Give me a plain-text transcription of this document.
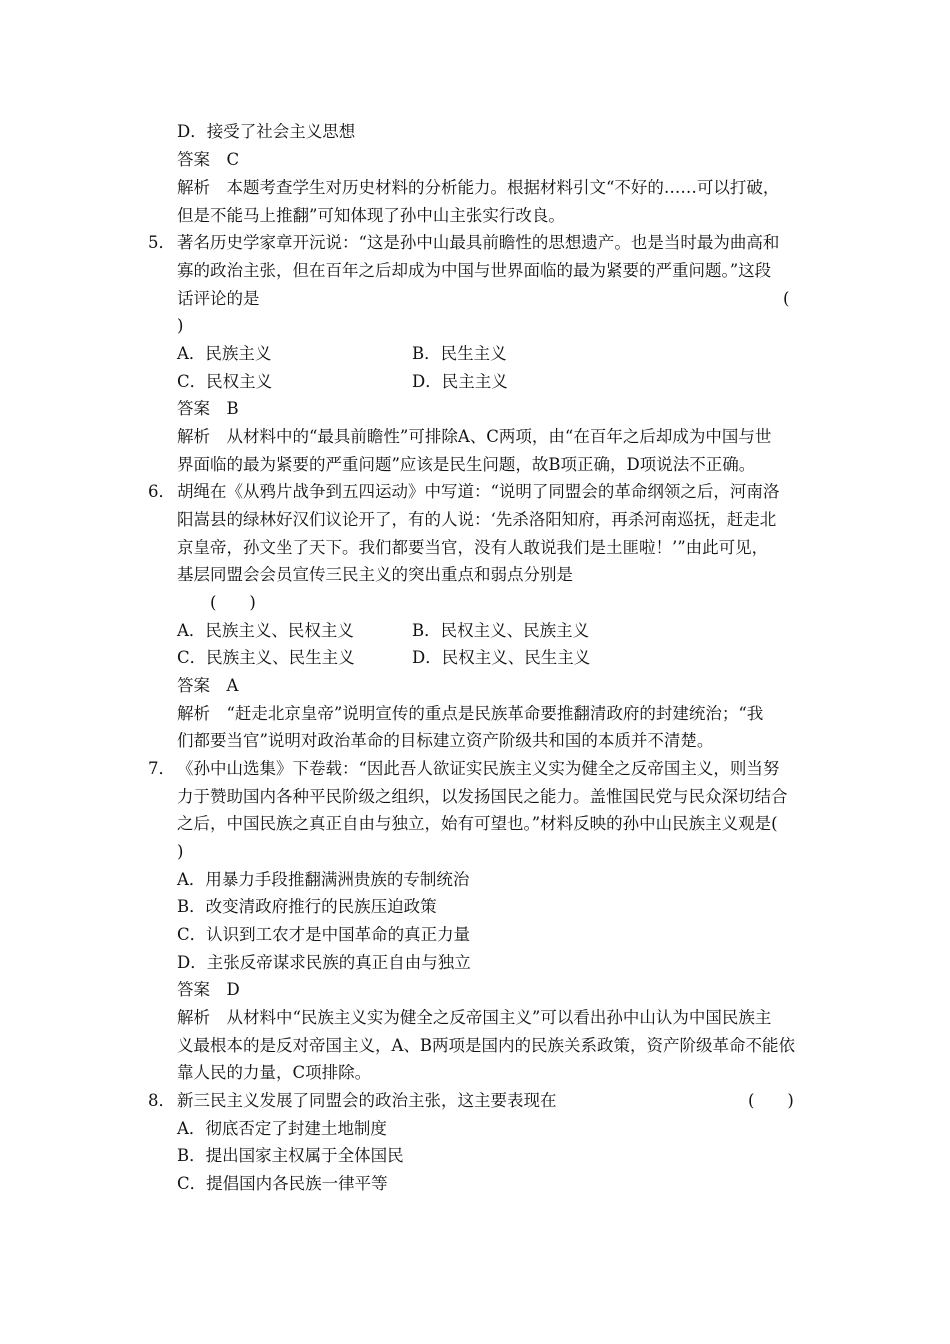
D．接受了社会主义思想
答案　C
解析　本题考查学生对历史材料的分析能力。根据材料引文“不好的……可以打破，
但是不能马上推翻”可知体现了孙中山主张实行改良。
5． 著名历史学家章开沅说：“这是孙中山最具前瞻性的思想遗产。也是当时最为曲高和
寡的政治主张，但在百年之后却成为中国与世界面临的最为紧要的严重问题。”这段
话评论的是	(
)
A．民族主义	B．民生主义
C．民权主义	D．民主主义
答案　B
解析　从材料中的“最具前瞻性”可排除A、C两项，由“在百年之后却成为中国与世
界面临的最为紧要的严重问题”应该是民生问题，故B项正确，D项说法不正确。
6． 胡绳在《从鸦片战争到五四运动》中写道：“说明了同盟会的革命纲领之后，河南洛
阳嵩县的绿林好汉们议论开了，有的人说：‘先杀洛阳知府，再杀河南巡抚，赶走北
京皇帝，孙文坐了天下。我们都要当官，没有人敢说我们是土匪啦！’”由此可见，
基层同盟会会员宣传三民主义的突出重点和弱点分别是
(　　)
A．民族主义、民权主义	B．民权主义、民族主义
C．民族主义、民生主义	D．民权主义、民生主义
答案　A
解析　“赶走北京皇帝”说明宣传的重点是民族革命要推翻清政府的封建统治；“我
们都要当官”说明对政治革命的目标建立资产阶级共和国的本质并不清楚。
7． 《孙中山选集》下卷载：“因此吾人欲证实民族主义实为健全之反帝国主义，则当努
力于赞助国内各种平民阶级之组织，以发扬国民之能力。盖惟国民党与民众深切结合
之后，中国民族之真正自由与独立，始有可望也。”材料反映的孙中山民族主义观是(
)
A．用暴力手段推翻满洲贵族的专制统治
B．改变清政府推行的民族压迫政策
C．认识到工农才是中国革命的真正力量
D．主张反帝谋求民族的真正自由与独立
答案　D
解析　从材料中“民族主义实为健全之反帝国主义”可以看出孙中山认为中国民族主
义最根本的是反对帝国主义，A、B两项是国内的民族关系政策，资产阶级革命不能依
靠人民的力量，C项排除。
8． 新三民主义发展了同盟会的政治主张，这主要表现在	(　　)
A．彻底否定了封建土地制度
B．提出国家主权属于全体国民
C．提倡国内各民族一律平等
